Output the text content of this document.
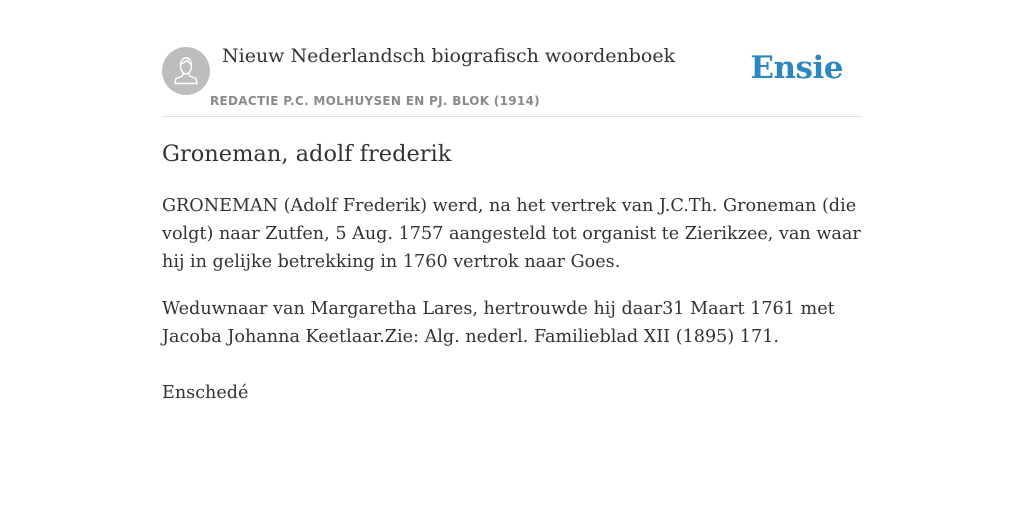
Nieuw Nederlandsch biografisch woordenboek
REDACTIE P.C. MOLHUYSEN EN PJ. BLOK (1914)
Ensie
Groneman, adolf frederik

GRONEMAN (Adolf Frederik) werd, na het vertrek van J.C.Th. Groneman (die volgt) naar Zutfen, 5 Aug. 1757 aangesteld tot organist te Zierikzee, van waar hij in gelijke betrekking in 1760 vertrok naar Goes.

Weduwnaar van Margaretha Lares, hertrouwde hij daar31 Maart 1761 met Jacoba Johanna Keetlaar.Zie: Alg. nederl. Familieblad XII (1895) 171.

Enschedé
